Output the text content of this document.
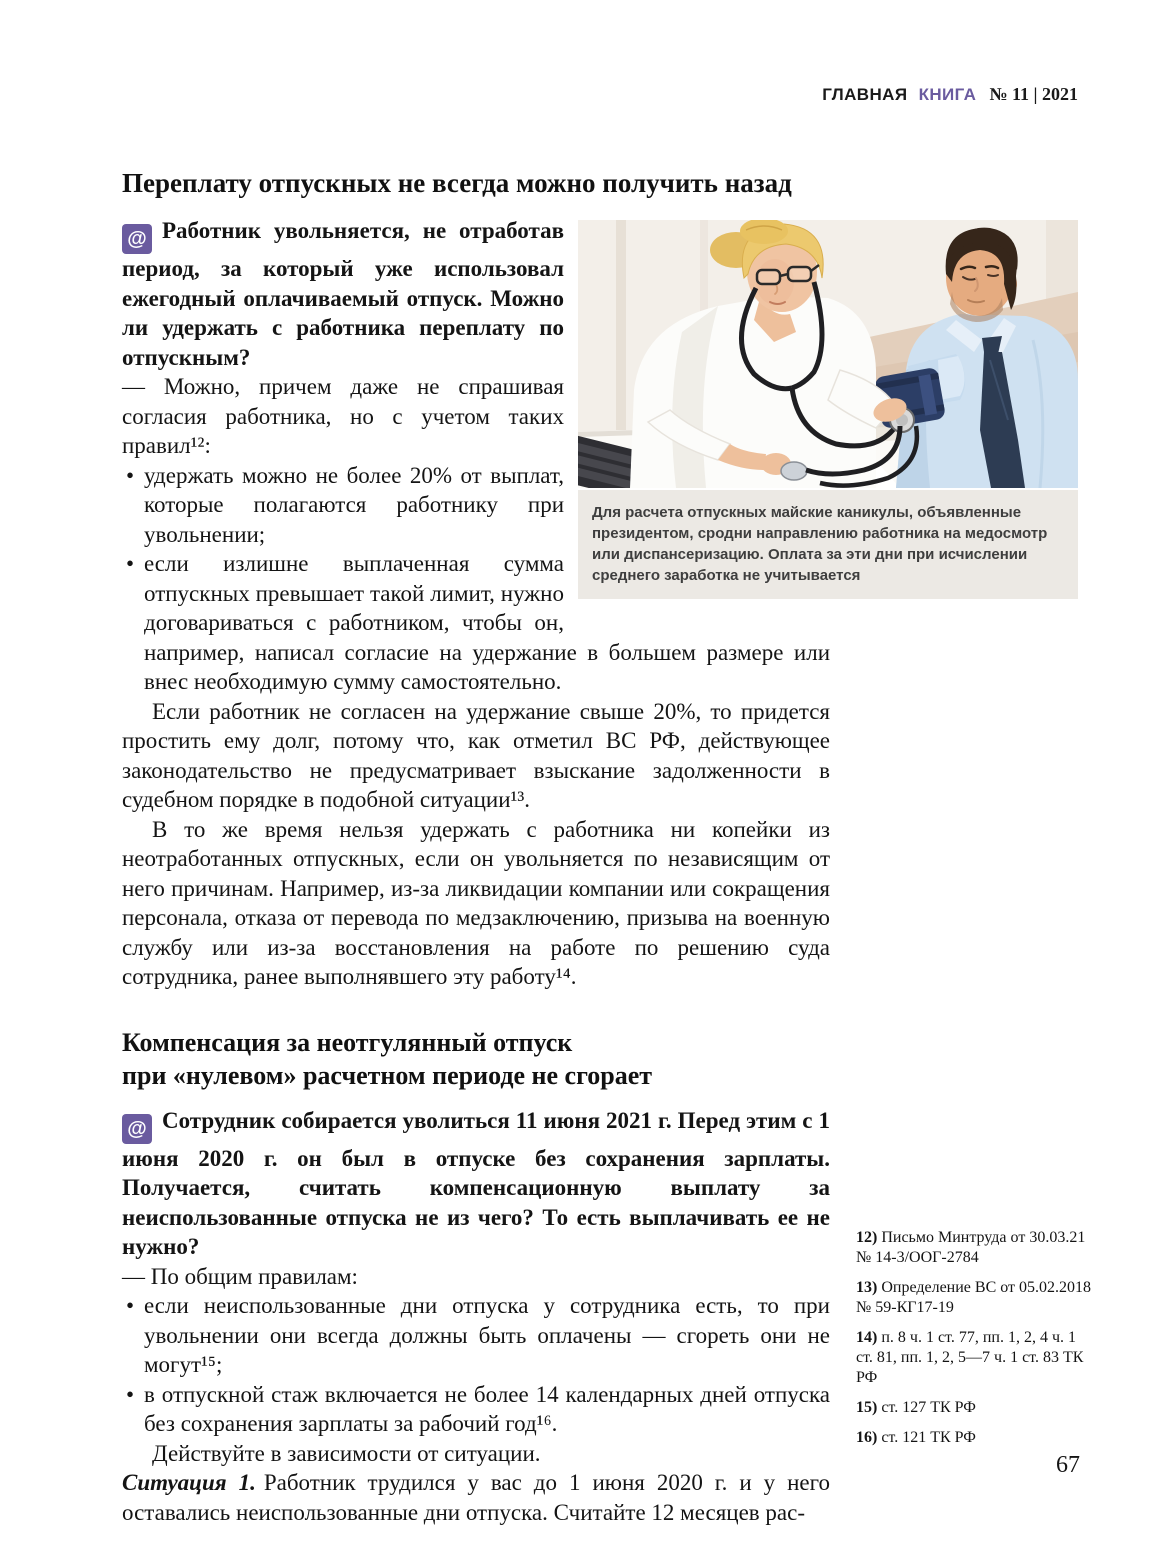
ГЛАВНАЯ КНИГА № 11 | 2021
Переплату отпускных не всегда можно получить назад

Для расчета отпускных майские каникулы, объявленные президентом, сродни направлению работника на медосмотр или диспансеризацию. Оплата за эти дни при исчислении среднего заработка не учитывается
@ Работник увольняется, не отработав период, за который уже использовал ежегодный оплачиваемый отпуск. Можно ли удержать с работника переплату по отпускным?

— Можно, причем даже не спрашивая согласия работника, но с учетом таких правил¹²:

• удержать можно не более 20% от выплат, которые полагаются работнику при увольнении;
• если излишне выплаченная сумма отпускных превышает такой лимит, нужно договариваться с работником, чтобы он, например, написал согласие на удержание в большем размере или внес необходимую сумму самостоятельно.

Если работник не согласен на удержание свыше 20%, то придется простить ему долг, потому что, как отметил ВС РФ, действующее законодательство не предусматривает взыскание задолженности в судебном порядке в подобной ситуации¹³.

В то же время нельзя удержать с работника ни копейки из неотработанных отпускных, если он увольняется по независящим от него причинам. Например, из-за ликвидации компании или сокращения персонала, отказа от перевода по медзаключению, призыва на военную службу или из-за восстановления на работе по решению суда сотрудника, ранее выполнявшего эту работу¹⁴.

Компенсация за неотгулянный отпуск
при «нулевом» расчетном периоде не сгорает

@ Сотрудник собирается уволиться 11 июня 2021 г. Перед этим с 1 июня 2020 г. он был в отпуске без сохранения зарплаты. Получается, считать компенсационную выплату за неиспользованные отпуска не из чего? То есть выплачивать ее не нужно?

— По общим правилам:

• если неиспользованные дни отпуска у сотрудника есть, то при увольнении они всегда должны быть оплачены — сгореть они не могут¹⁵;
• в отпускной стаж включается не более 14 календарных дней отпуска без сохранения зарплаты за рабочий год¹⁶.

Действуйте в зависимости от ситуации.

Ситуация 1. Работник трудился у вас до 1 июня 2020 г. и у него оставались неиспользованные дни отпуска. Считайте 12 месяцев рас-

12) Письмо Минтруда от 30.03.21 № 14-3/ООГ-2784
13) Определение ВС от 05.02.2018 № 59-КГ17-19
14) п. 8 ч. 1 ст. 77, пп. 1, 2, 4 ч. 1 ст. 81, пп. 1, 2, 5—7 ч. 1 ст. 83 ТК РФ
15) ст. 127 ТК РФ
16) ст. 121 ТК РФ
67
